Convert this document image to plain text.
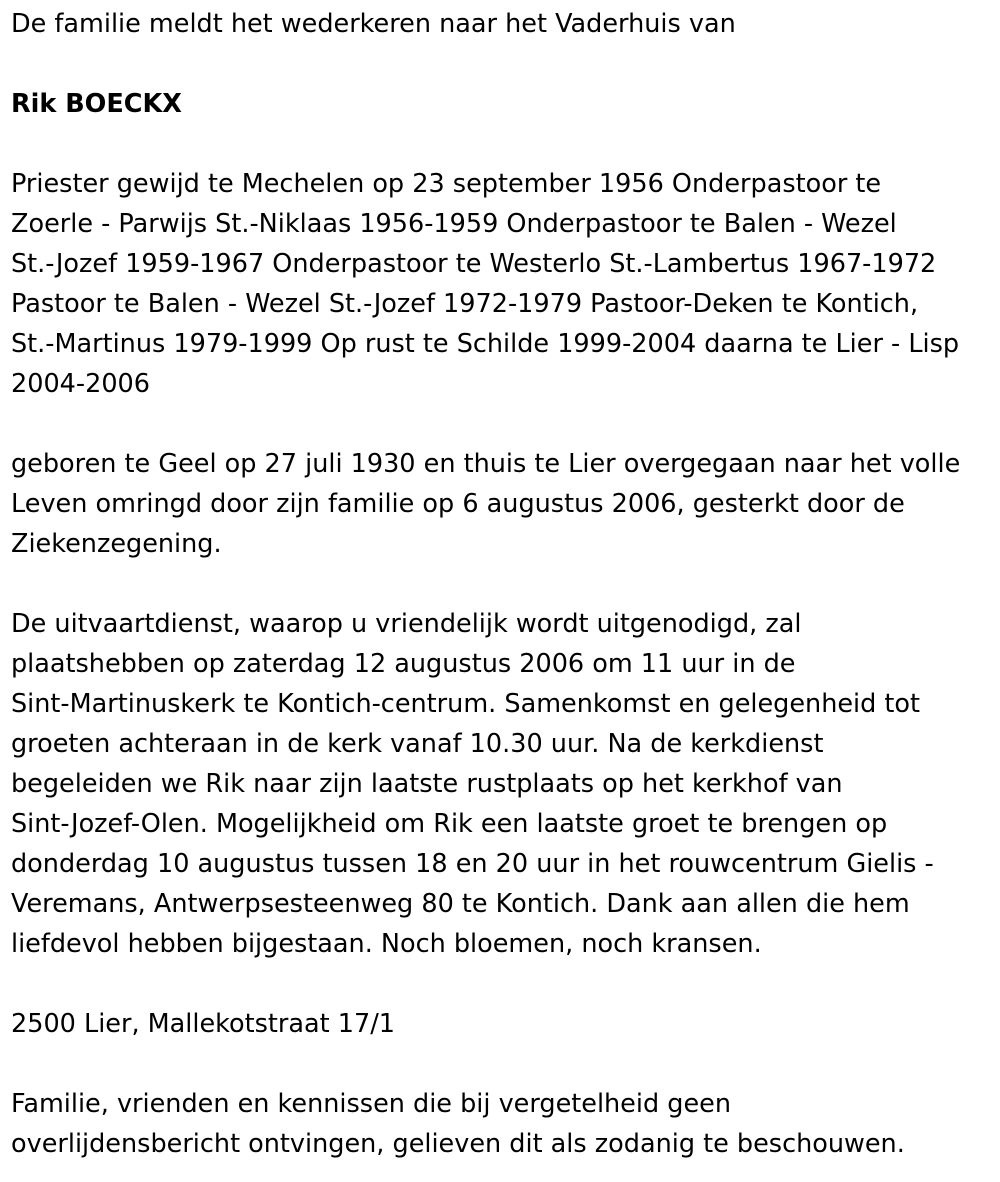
De familie meldt het wederkeren naar het Vaderhuis van

Rik BOECKX

Priester gewijd te Mechelen op 23 september 1956 Onderpastoor te
Zoerle - Parwijs St.-Niklaas 1956-1959 Onderpastoor te Balen - Wezel
St.-Jozef 1959-1967 Onderpastoor te Westerlo St.-Lambertus 1967-1972
Pastoor te Balen - Wezel St.-Jozef 1972-1979 Pastoor-Deken te Kontich,
St.-Martinus 1979-1999 Op rust te Schilde 1999-2004 daarna te Lier - Lisp
2004-2006

geboren te Geel op 27 juli 1930 en thuis te Lier overgegaan naar het volle
Leven omringd door zijn familie op 6 augustus 2006, gesterkt door de
Ziekenzegening.

De uitvaartdienst, waarop u vriendelijk wordt uitgenodigd, zal
plaatshebben op zaterdag 12 augustus 2006 om 11 uur in de
Sint-Martinuskerk te Kontich-centrum. Samenkomst en gelegenheid tot
groeten achteraan in de kerk vanaf 10.30 uur. Na de kerkdienst
begeleiden we Rik naar zijn laatste rustplaats op het kerkhof van
Sint-Jozef-Olen. Mogelijkheid om Rik een laatste groet te brengen op
donderdag 10 augustus tussen 18 en 20 uur in het rouwcentrum Gielis -
Veremans, Antwerpsesteenweg 80 te Kontich. Dank aan allen die hem
liefdevol hebben bijgestaan. Noch bloemen, noch kransen.

2500 Lier, Mallekotstraat 17/1

Familie, vrienden en kennissen die bij vergetelheid geen
overlijdensbericht ontvingen, gelieven dit als zodanig te beschouwen.
